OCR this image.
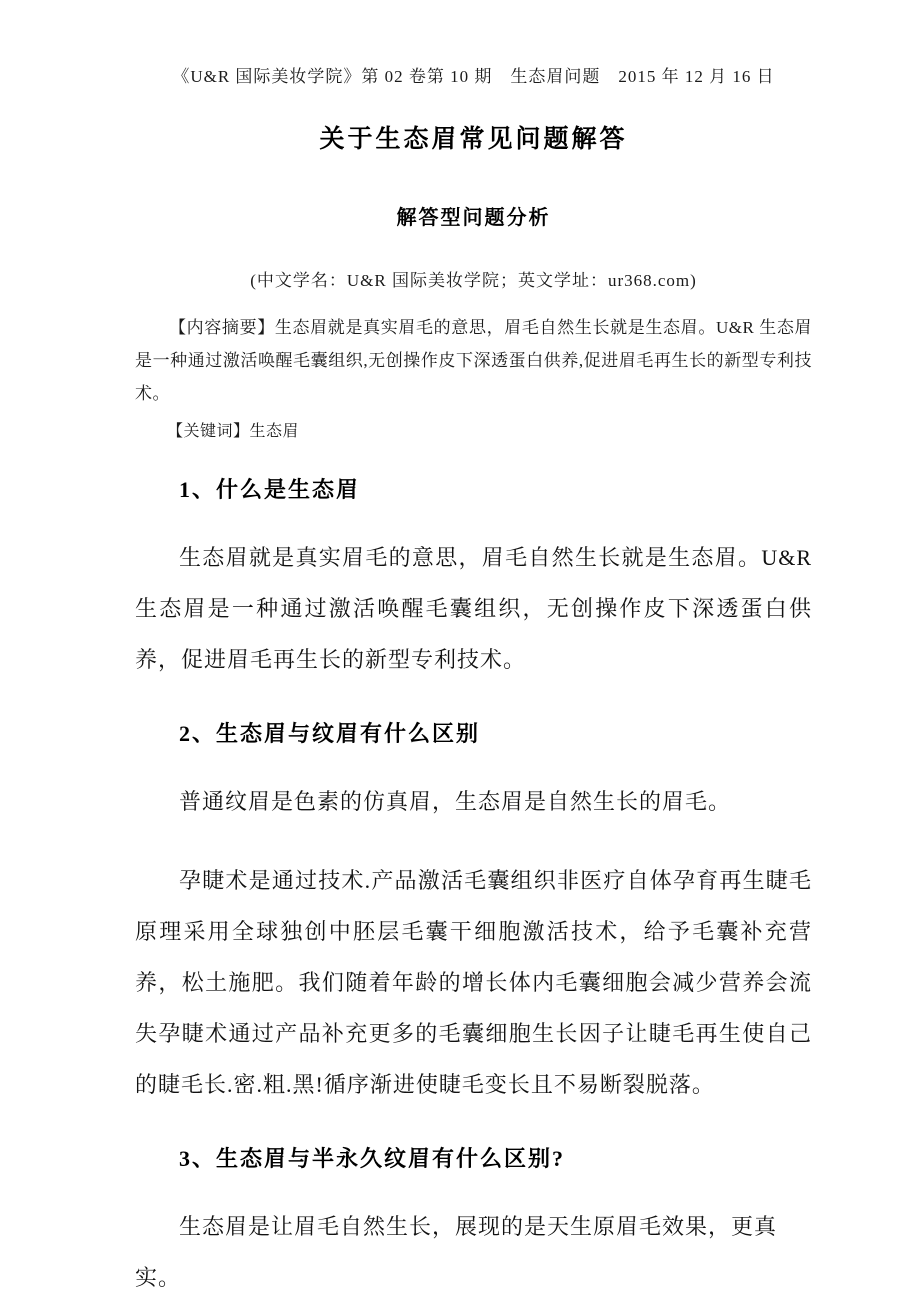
《U&R 国际美妆学院》第 02 卷第 10 期　生态眉问题　2015 年 12 月 16 日
关于生态眉常见问题解答
解答型问题分析
(中文学名：U&R 国际美妆学院；英文学址：ur368.com)
【内容摘要】生态眉就是真实眉毛的意思，眉毛自然生长就是生态眉。U&R 生态眉是一种通过激活唤醒毛囊组织,无创操作皮下深透蛋白供养,促进眉毛再生长的新型专利技术。
【关键词】生态眉
1、什么是生态眉
生态眉就是真实眉毛的意思，眉毛自然生长就是生态眉。U&R 生态眉是一种通过激活唤醒毛囊组织，无创操作皮下深透蛋白供养，促进眉毛再生长的新型专利技术。
2、生态眉与纹眉有什么区别
普通纹眉是色素的仿真眉，生态眉是自然生长的眉毛。
孕睫术是通过技术.产品激活毛囊组织非医疗自体孕育再生睫毛原理采用全球独创中胚层毛囊干细胞激活技术，给予毛囊补充营养，松土施肥。我们随着年龄的增长体内毛囊细胞会减少营养会流失孕睫术通过产品补充更多的毛囊细胞生长因子让睫毛再生使自己的睫毛长.密.粗.黑!循序渐进使睫毛变长且不易断裂脱落。
3、生态眉与半永久纹眉有什么区别?
生态眉是让眉毛自然生长，展现的是天生原眉毛效果，更真实。
